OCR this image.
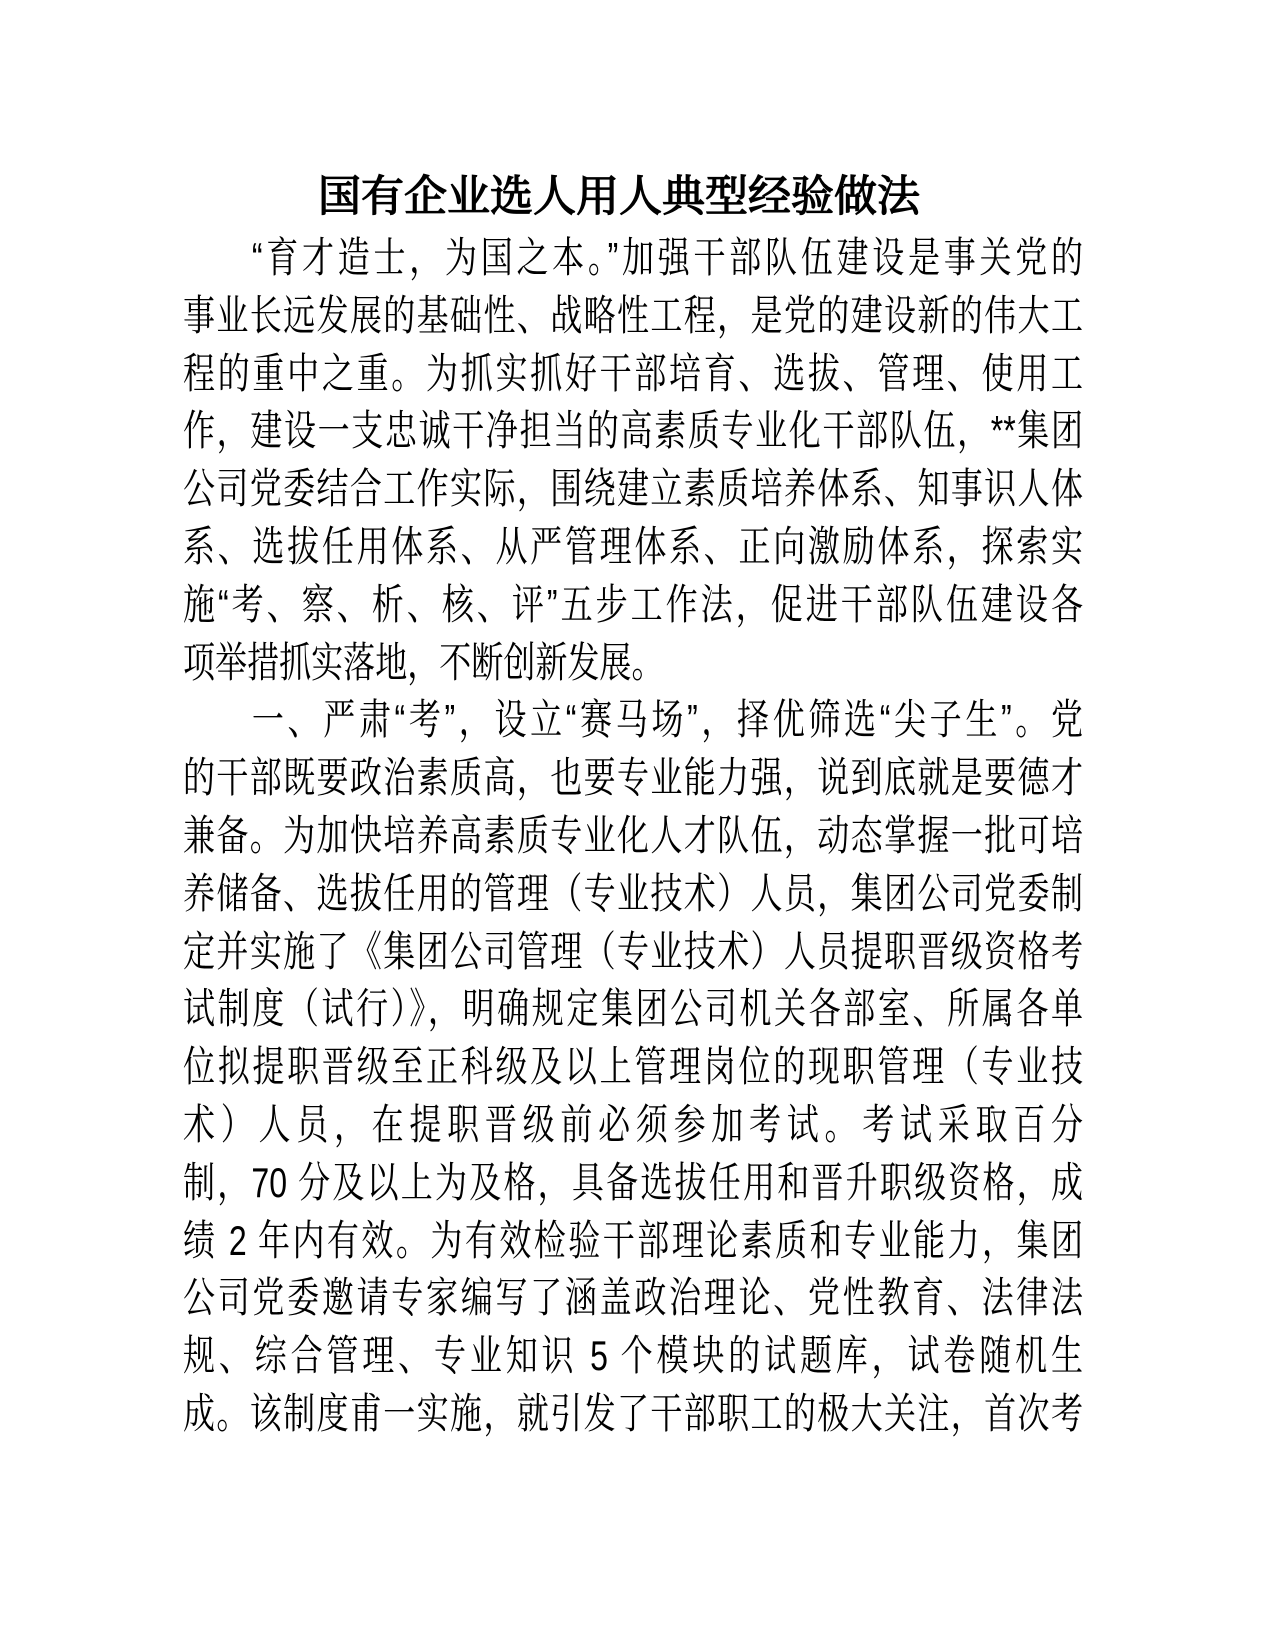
国有企业选人用人典型经验做法
“育才造士，为国之本。”加强干部队伍建设是事关党的
事业长远发展的基础性、战略性工程，是党的建设新的伟大工
程的重中之重。为抓实抓好干部培育、选拔、管理、使用工
作，建设一支忠诚干净担当的高素质专业化干部队伍，**集团
公司党委结合工作实际，围绕建立素质培养体系、知事识人体
系、选拔任用体系、从严管理体系、正向激励体系，探索实
施“考、察、析、核、评”五步工作法，促进干部队伍建设各
项举措抓实落地，不断创新发展。
一、严肃“考”，设立“赛马场”，择优筛选“尖子生”。党
的干部既要政治素质高，也要专业能力强，说到底就是要德才
兼备。为加快培养高素质专业化人才队伍，动态掌握一批可培
养储备、选拔任用的管理（专业技术）人员，集团公司党委制
定并实施了《集团公司管理（专业技术）人员提职晋级资格考
试制度（试行）》，明确规定集团公司机关各部室、所属各单
位拟提职晋级至正科级及以上管理岗位的现职管理（专业技
术）人员，在提职晋级前必须参加考试。考试采取百分
制，70 分及以上为及格，具备选拔任用和晋升职级资格，成
绩 2 年内有效。为有效检验干部理论素质和专业能力，集团
公司党委邀请专家编写了涵盖政治理论、党性教育、法律法
规、综合管理、专业知识 5 个模块的试题库，试卷随机生
成。该制度甫一实施，就引发了干部职工的极大关注，首次考
